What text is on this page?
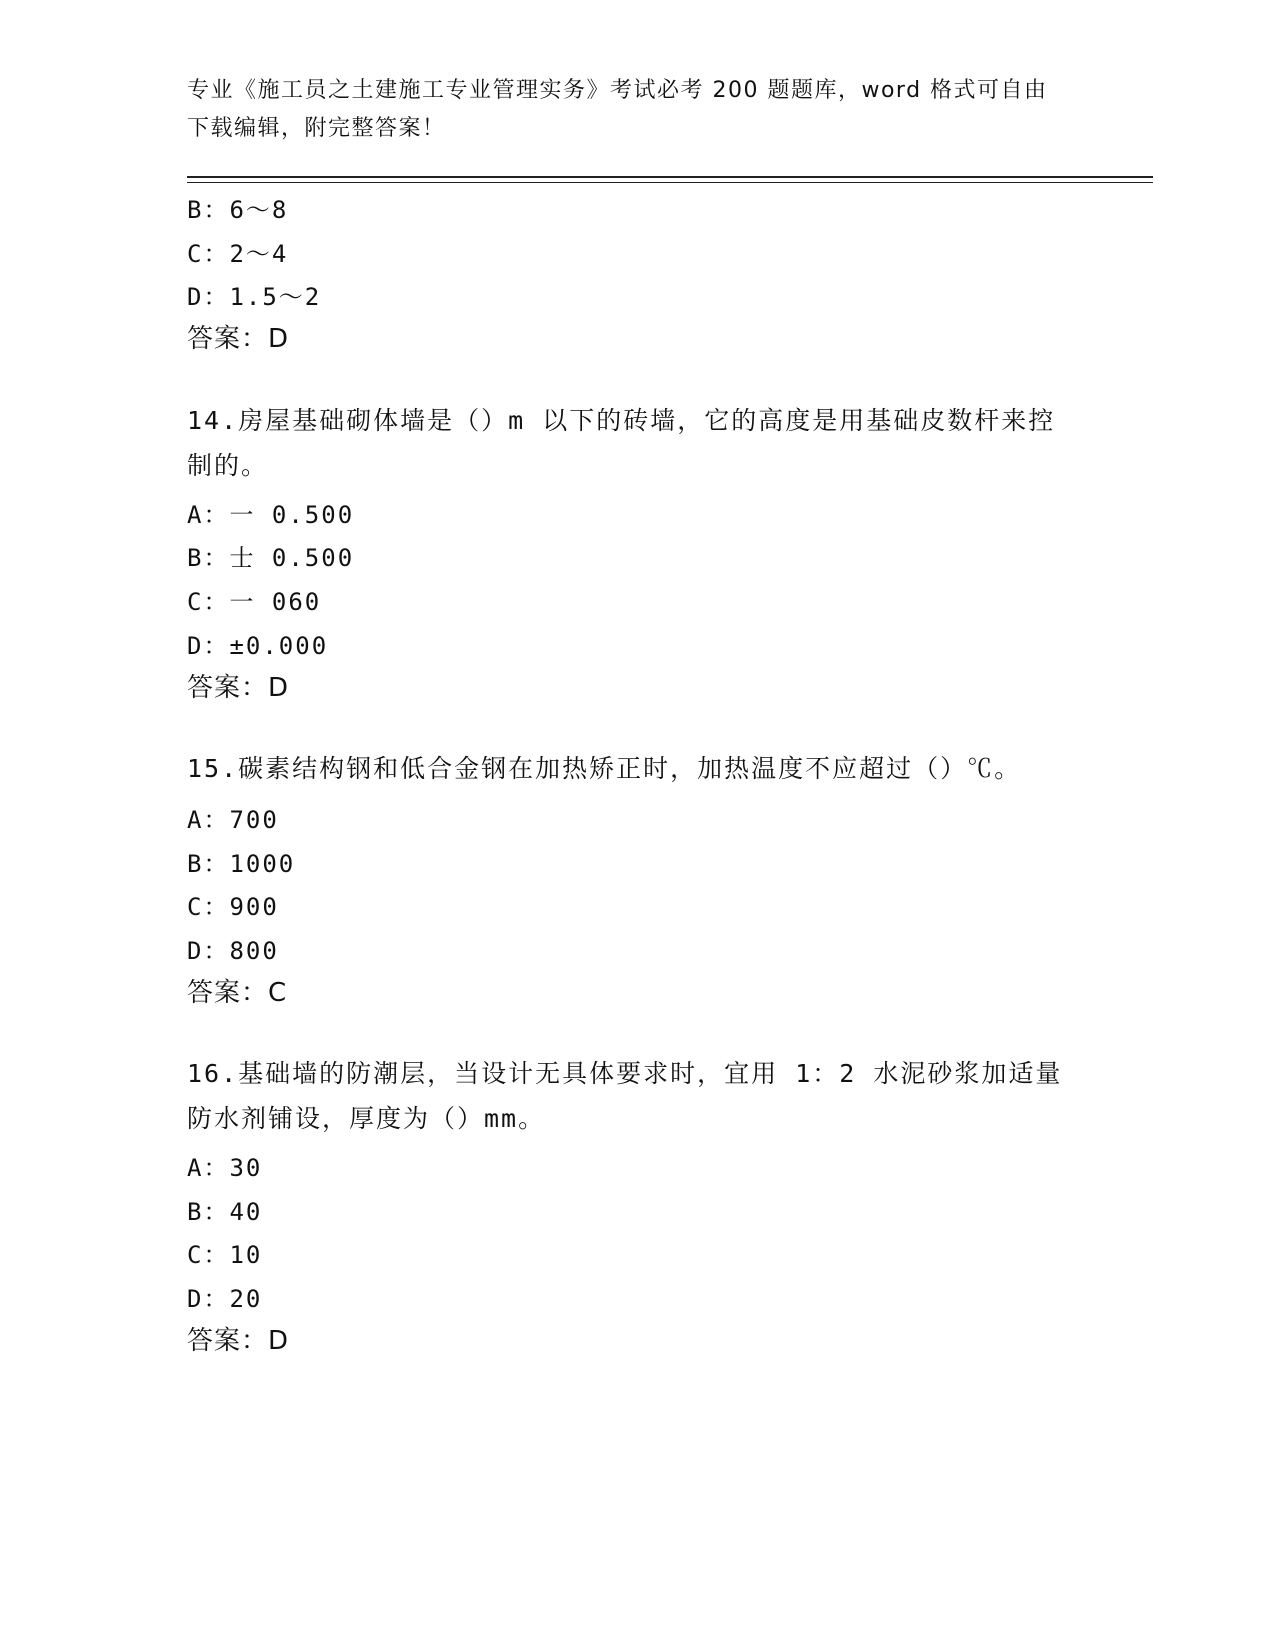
专业《施工员之土建施工专业管理实务》考试必考 200 题题库，word 格式可自由下载编辑，附完整答案！
B：6～8
C：2～4
D：1.5～2
答案：D
14.房屋基础砌体墙是（）m 以下的砖墙，它的高度是用基础皮数杆来控制的。
A：一 0.500
B：士 0.500
C：一 060
D：±0.000
答案：D
15.碳素结构钢和低合金钢在加热矫正时，加热温度不应超过（）℃。
A：700
B：1000
C：900
D：800
答案：C
16.基础墙的防潮层，当设计无具体要求时，宜用 1：2 水泥砂浆加适量防水剂铺设，厚度为（）mm。
A：30
B：40
C：10
D：20
答案：D
